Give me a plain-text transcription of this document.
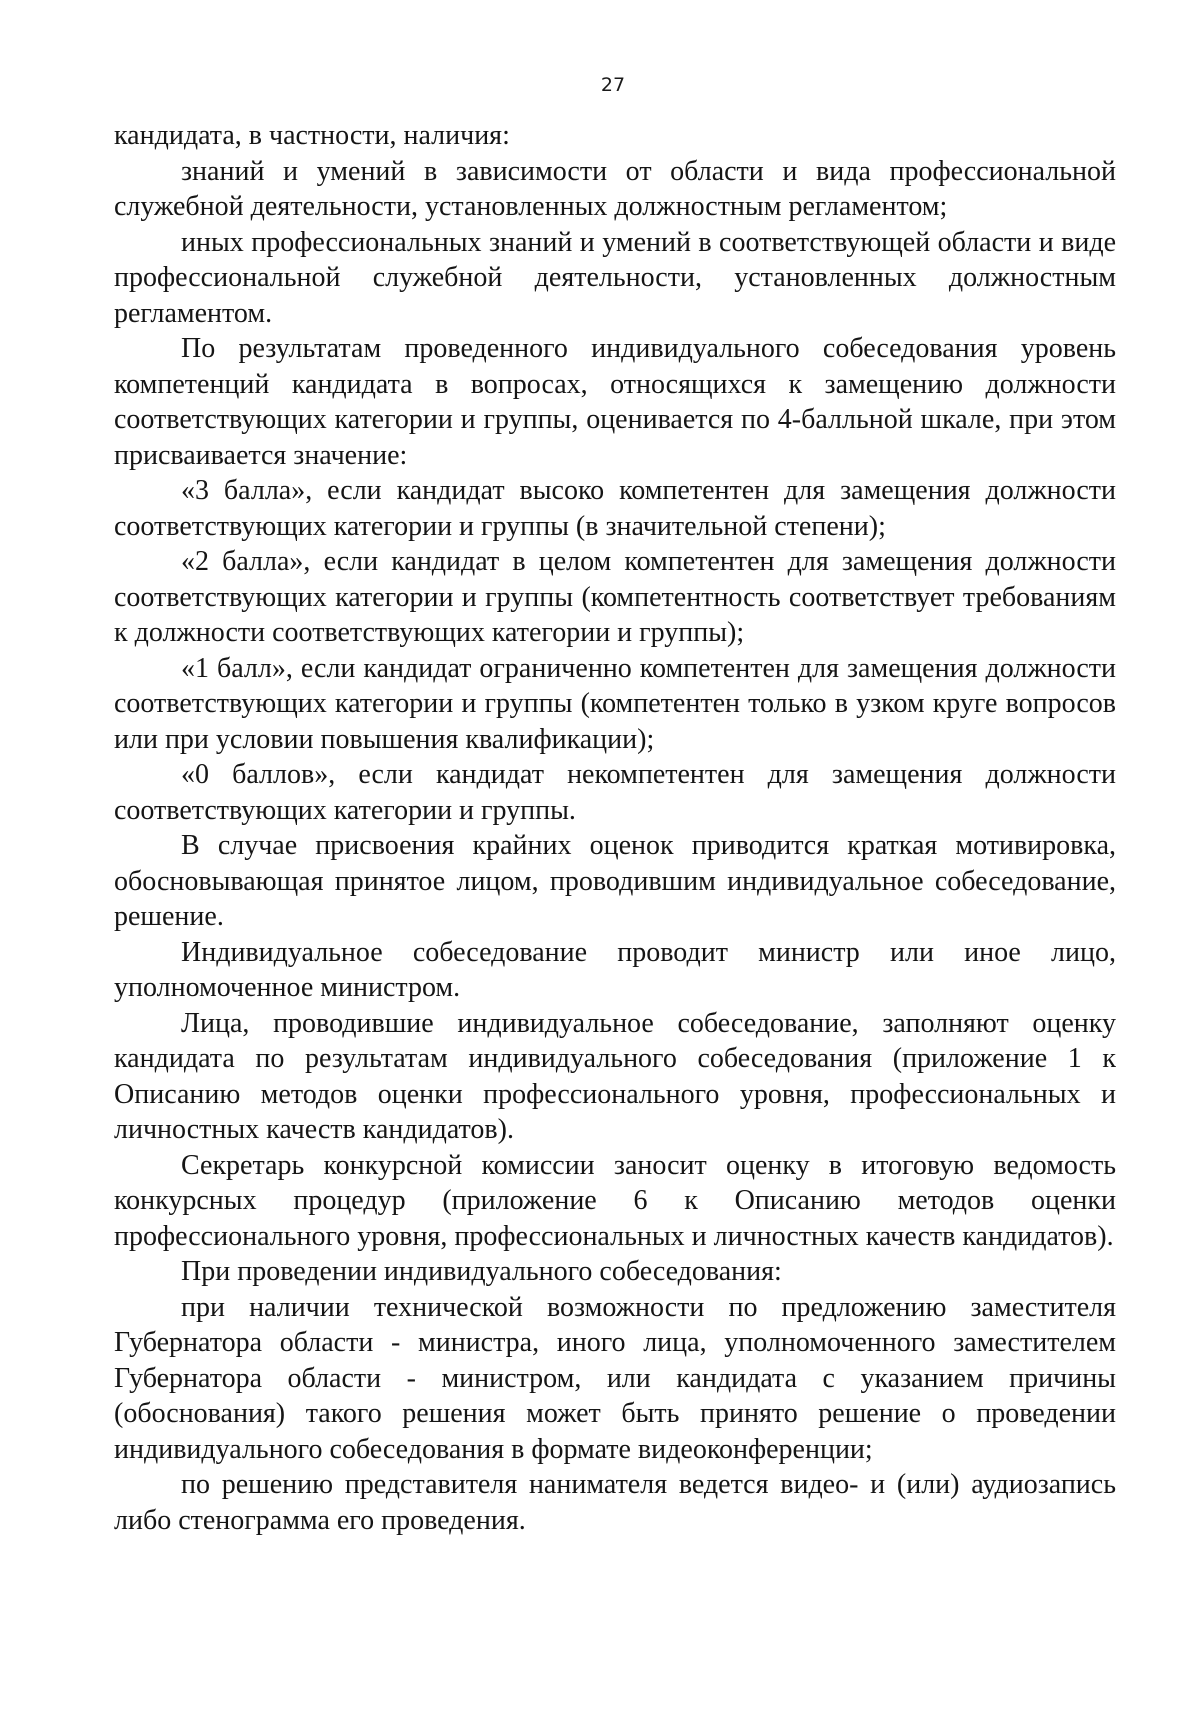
27

кандидата, в частности, наличия:

знаний и умений в зависимости от области и вида профессиональной служебной деятельности, установленных должностным регламентом;

иных профессиональных знаний и умений в соответствующей области и виде профессиональной служебной деятельности, установленных должностным регламентом.

По результатам проведенного индивидуального собеседования уровень компетенций кандидата в вопросах, относящихся к замещению должности соответствующих категории и группы, оценивается по 4-балльной шкале, при этом присваивается значение:

«3 балла», если кандидат высоко компетентен для замещения должности соответствующих категории и группы (в значительной степени);

«2 балла», если кандидат в целом компетентен для замещения должности соответствующих категории и группы (компетентность соответствует требованиям к должности соответствующих категории и группы);

«1 балл», если кандидат ограниченно компетентен для замещения должности соответствующих категории и группы (компетентен только в узком круге вопросов или при условии повышения квалификации);

«0 баллов», если кандидат некомпетентен для замещения должности соответствующих категории и группы.

В случае присвоения крайних оценок приводится краткая мотивировка, обосновывающая принятое лицом, проводившим индивидуальное собеседование, решение.

Индивидуальное собеседование проводит министр или иное лицо, уполномоченное министром.

Лица, проводившие индивидуальное собеседование, заполняют оценку кандидата по результатам индивидуального собеседования (приложение 1 к Описанию методов оценки профессионального уровня, профессиональных и личностных качеств кандидатов).

Секретарь конкурсной комиссии заносит оценку в итоговую ведомость конкурсных процедур (приложение 6 к Описанию методов оценки профессионального уровня, профессиональных и личностных качеств кандидатов).

При проведении индивидуального собеседования:

при наличии технической возможности по предложению заместителя Губернатора области - министра, иного лица, уполномоченного заместителем Губернатора области - министром, или кандидата с указанием причины (обоснования) такого решения может быть принято решение о проведении индивидуального собеседования в формате видеоконференции;

по решению представителя нанимателя ведется видео- и (или) аудиозапись либо стенограмма его проведения.
